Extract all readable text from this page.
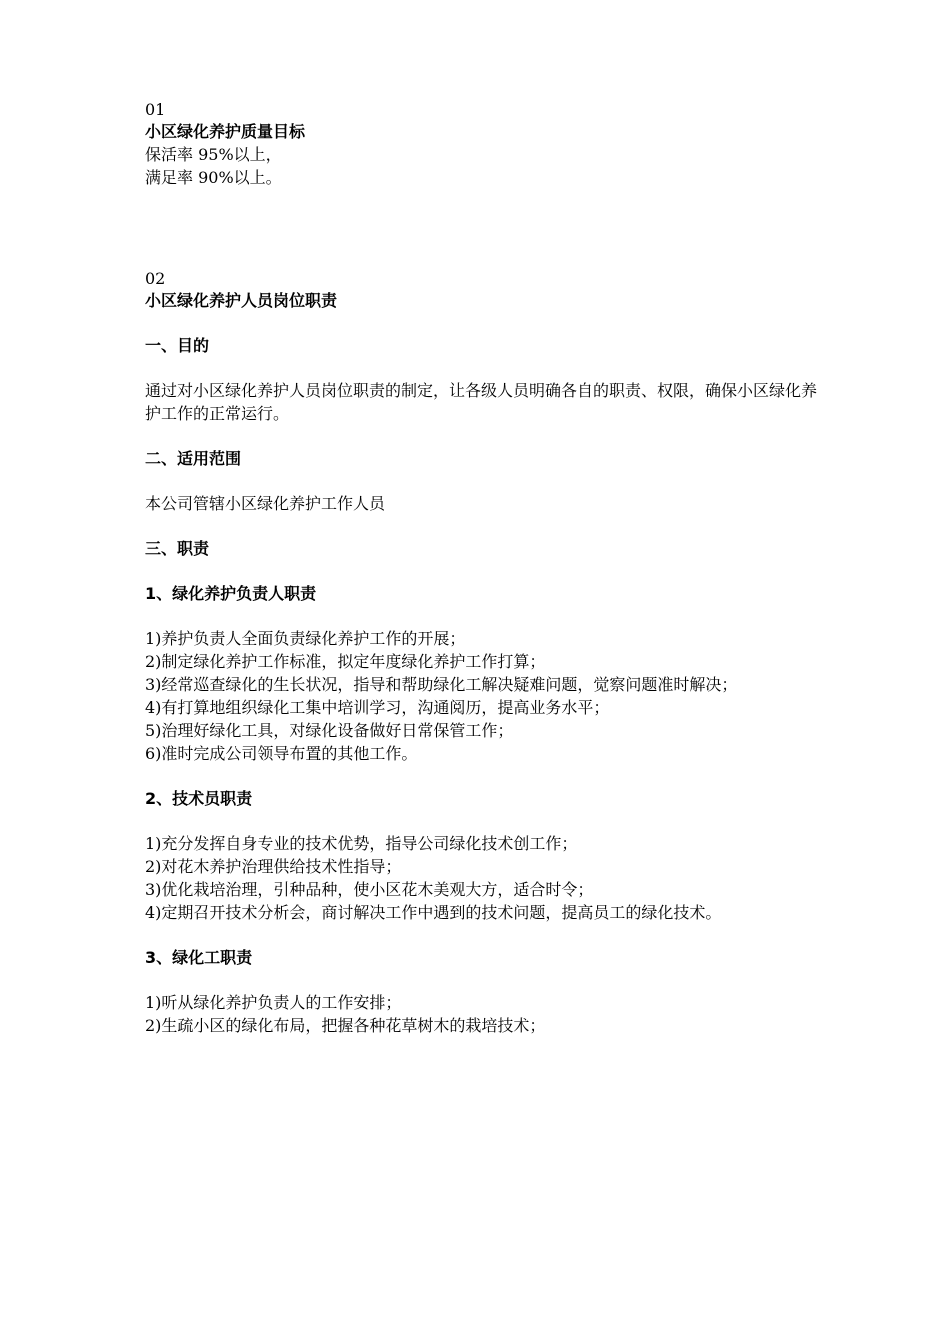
01
小区绿化养护质量目标
保活率 95%以上，
满足率 90%以上。
02
小区绿化养护人员岗位职责
一、目的
通过对小区绿化养护人员岗位职责的制定，让各级人员明确各自的职责、权限，确保小区绿化养护工作的正常运行。
二、适用范围
本公司管辖小区绿化养护工作人员
三、职责
1、绿化养护负责人职责
1)养护负责人全面负责绿化养护工作的开展；
2)制定绿化养护工作标准，拟定年度绿化养护工作打算；
3)经常巡查绿化的生长状况，指导和帮助绿化工解决疑难问题，觉察问题准时解决；
4)有打算地组织绿化工集中培训学习，沟通阅历，提高业务水平；
5)治理好绿化工具，对绿化设备做好日常保管工作；
6)准时完成公司领导布置的其他工作。
2、技术员职责
1)充分发挥自身专业的技术优势，指导公司绿化技术创工作；
2)对花木养护治理供给技术性指导；
3)优化栽培治理，引种品种，使小区花木美观大方，适合时令；
4)定期召开技术分析会，商讨解决工作中遇到的技术问题，提高员工的绿化技术。
3、绿化工职责
1)听从绿化养护负责人的工作安排；
2)生疏小区的绿化布局，把握各种花草树木的栽培技术；
